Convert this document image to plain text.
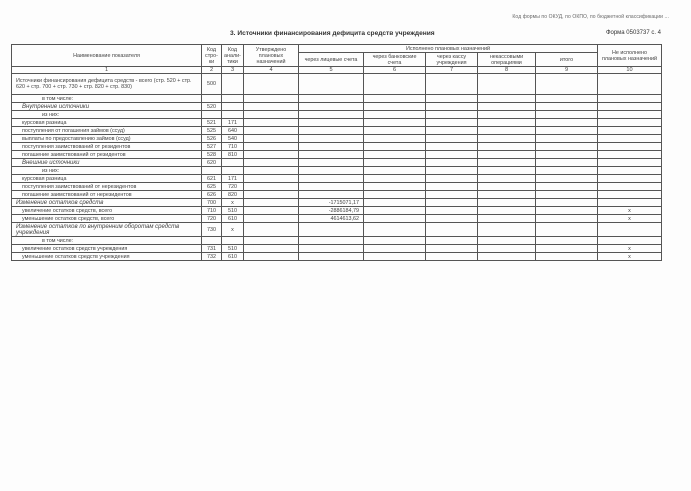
Код формы по ОКУД, по ОКПО, по бюджетной классификации ...
3. Источники финансирования дефицита средств учреждения	Форма 0503737 с. 4
Наименование показателя	Код стро- ки	Код анали- тики	Утверждено плановых назначений	Исполнено плановых назначений					Не исполнено плановых назначений
				через лицевые счета	через банковские счета	через кассу учреждения	некассовыми операциями	итого	
1	2	3	4	5	6	7	8	9	10
Источники финансирования дефицита средств - всего (стр. 520 + стр. 620 + стр. 700 + стр. 730 + стр. 820 + стр. 830)	500								
в том числе:									
Внутренние источники	520								
из них:									
курсовая разница	521	171							
поступления от погашения займов (ссуд)	525	640							
выплаты по предоставлению займов (ссуд)	526	540							
поступления заимствований от резидентов	527	710							
погашение заимствований от резидентов	528	810							
Внешние источники	620								
из них:									
курсовая разница	621	171							
поступления заимствований от нерезидентов	625	720							
погашение заимствований от нерезидентов	626	820							
Изменение остатков средств	700	x		-1715071,17					
увеличение остатков средств, всего	710	510		-2886184,79					x
уменьшение остатков средств, всего	720	610		4614613,62					x
Изменение остатков по внутренним оборотам средств учреждения	730	x							
в том числе:									
увеличение остатков средств учреждения	731	510							x
уменьшение остатков средств учреждения	732	610							x
